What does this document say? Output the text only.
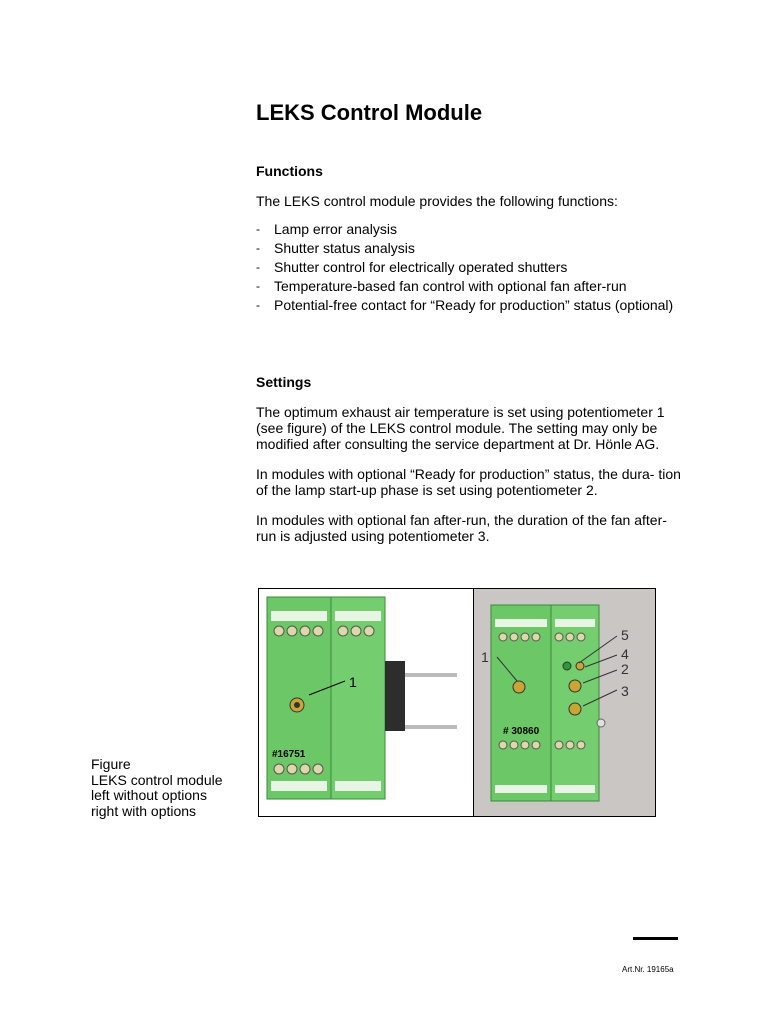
LEKS Control Module

Functions

The LEKS control module provides the following functions:

- Lamp error analysis
- Shutter status analysis
- Shutter control for electrically operated shutters
- Temperature-based fan control with optional fan after-run
- Potential-free contact for “Ready for production” status (optional)

Settings

The optimum exhaust air temperature is set using potentiometer 1 (see figure) of the LEKS control module. The setting may only be modified after consulting the service department at Dr. Hönle AG.

In modules with optional “Ready for production” status, the dura- tion of the lamp start-up phase is set using potentiometer 2.

In modules with optional fan after-run, the duration of the fan after- run is adjusted using potentiometer 3.

1
#16751
1
5
4
2
3
# 30860
Figure
LEKS control module
left without options
right with options
Art.Nr. 19165a
